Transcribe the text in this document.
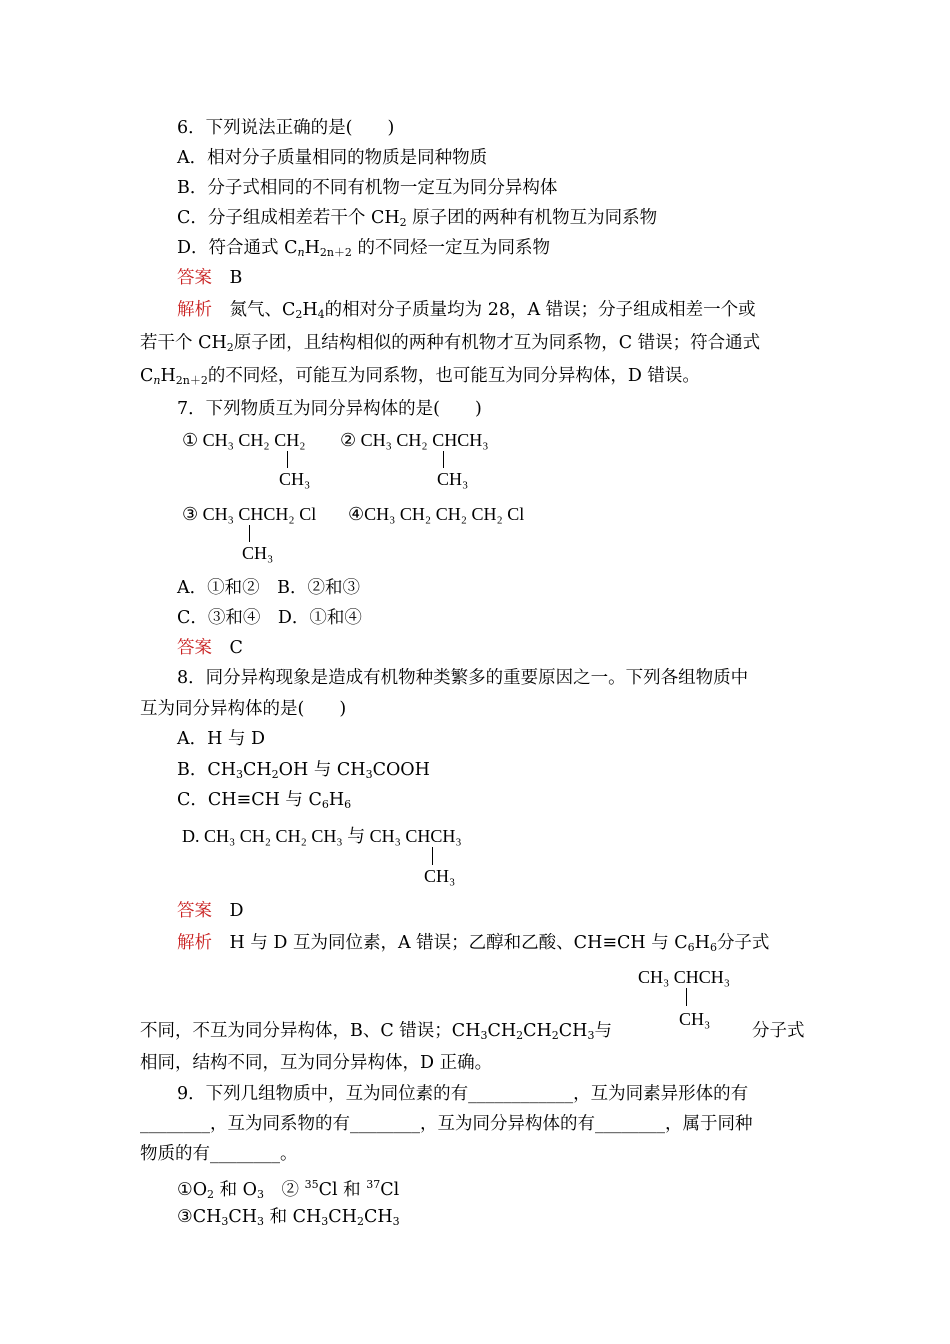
6．下列说法正确的是(　　)
A．相对分子质量相同的物质是同种物质
B．分子式相同的不同有机物一定互为同分异构体
C．分子组成相差若干个 $CH_2$ 原子团的两种有机物互为同系物
D．符合通式 $C_nH_{2n+2}$ 的不同烃一定互为同系物
答案　 B
解析　 氮气、$C_2H_4$的相对分子质量均为 28，A 错误；分子组成相差一个或
若干个 $CH_2$原子团，且结构相似的两种有机物才互为同系物，C 错误；符合通式
$C_nH_{2n+2}$的不同烃，可能互为同系物，也可能互为同分异构体，D 错误。
7．下列物质互为同分异构体的是(　　)
① CH₃ CH₂ CH₂
CH₃
② CH₃ CH₂ CHCH₃
CH₃
③ CH₃ CHCH₂ Cl
CH₃
④CH₃ CH₂ CH₂ CH₂ Cl
A．①和②　B．②和③
C．③和④　D．①和④
答案　 C
8．同分异构现象是造成有机物种类繁多的重要原因之一。下列各组物质中
互为同分异构体的是(　　)
A．H 与 D
B．$CH_3CH_2OH$ 与 $CH_3COOH$
C．CH≡CH 与 $C_6H_6$
D. CH₃ CH₂ CH₂ CH₃ 与 CH₃ CHCH₃
CH₃
答案　 D
解析　 H 与 D 互为同位素，A 错误；乙醇和乙酸、CH≡CH 与 $C_6H_6$分子式
CH₃ CHCH₃
CH₃
不同，不互为同分异构体，B、C 错误；$CH_3CH_2CH_2CH_3$与	分子式
相同，结构不同，互为同分异构体，D 正确。
9．下列几组物质中，互为同位素的有____________，互为同素异形体的有
________，互为同系物的有________，互为同分异构体的有________，属于同种
物质的有________。
$①O_2$ 和 $O_3$　② $^{35}$Cl 和 $^{37}$Cl
$③CH_3CH_3$ 和 $CH_3CH_2CH_3$
